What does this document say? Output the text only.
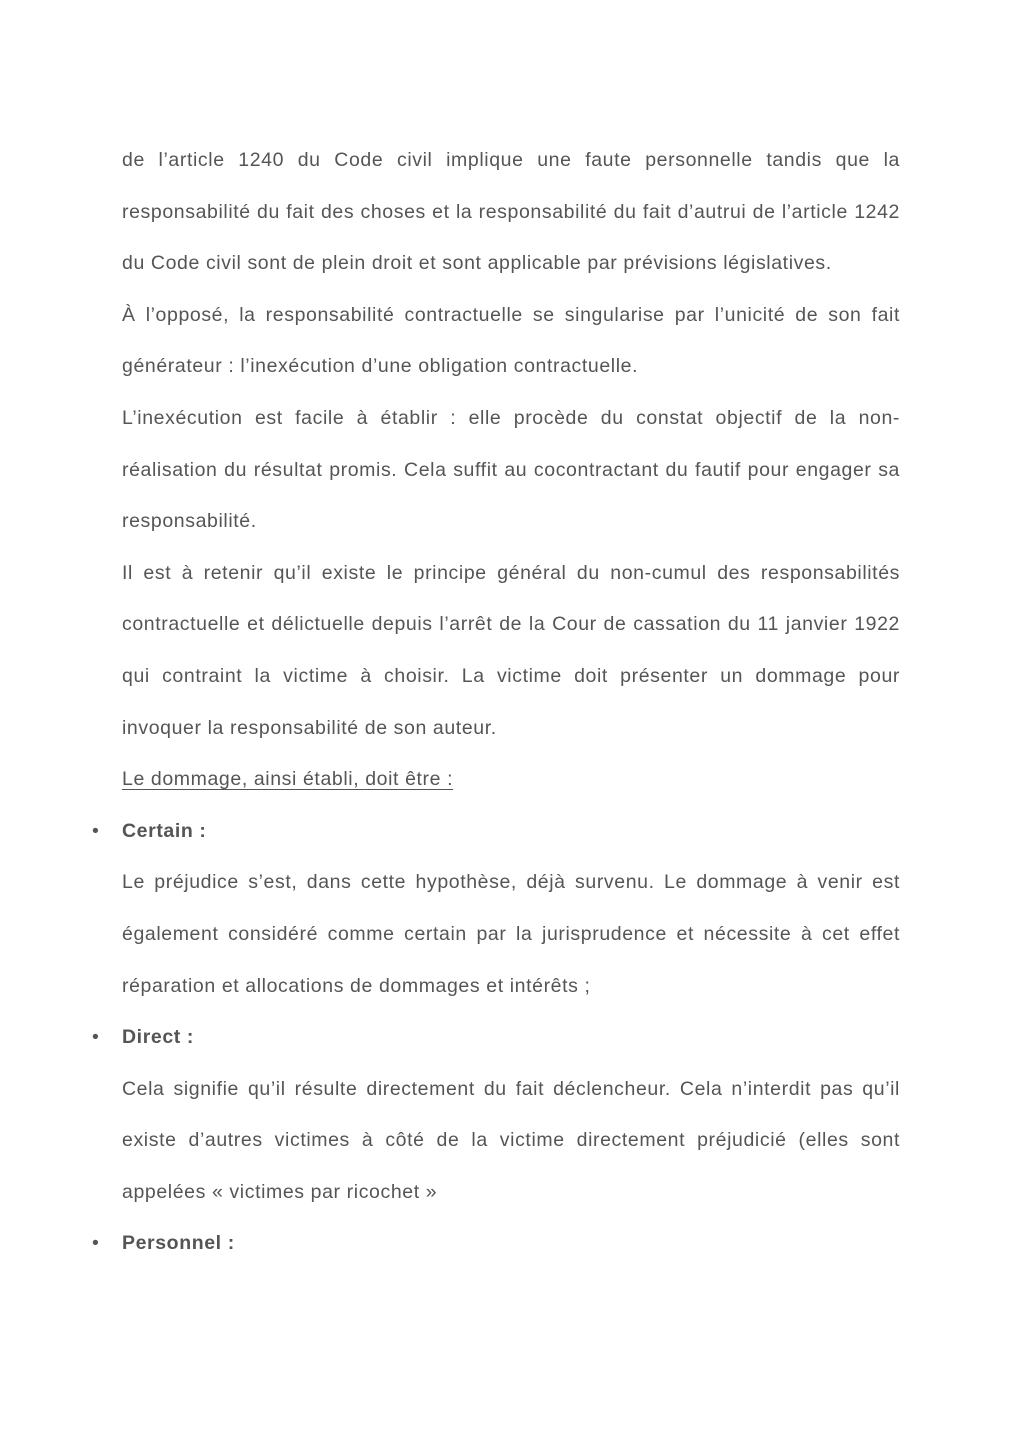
de l’article 1240 du Code civil implique une faute personnelle tandis que la responsabilité du fait des choses et la responsabilité du fait d’autrui de l’article 1242 du Code civil sont de plein droit et sont applicable par prévisions législatives.

À l’opposé, la responsabilité contractuelle se singularise par l’unicité de son fait générateur : l’inexécution d’une obligation contractuelle.

L’inexécution est facile à établir : elle procède du constat objectif de la non-réalisation du résultat promis. Cela suffit au cocontractant du fautif pour engager sa responsabilité.

Il est à retenir qu’il existe le principe général du non-cumul des responsabilités contractuelle et délictuelle depuis l’arrêt de la Cour de cassation du 11 janvier 1922 qui contraint la victime à choisir. La victime doit présenter un dommage pour invoquer la responsabilité de son auteur.

Le dommage, ainsi établi, doit être :

• Certain :

Le préjudice s’est, dans cette hypothèse, déjà survenu. Le dommage à venir est également considéré comme certain par la jurisprudence et nécessite à cet effet réparation et allocations de dommages et intérêts ;

• Direct :

Cela signifie qu’il résulte directement du fait déclencheur. Cela n’interdit pas qu’il existe d’autres victimes à côté de la victime directement préjudicié (elles sont appelées « victimes par ricochet »

• Personnel :
